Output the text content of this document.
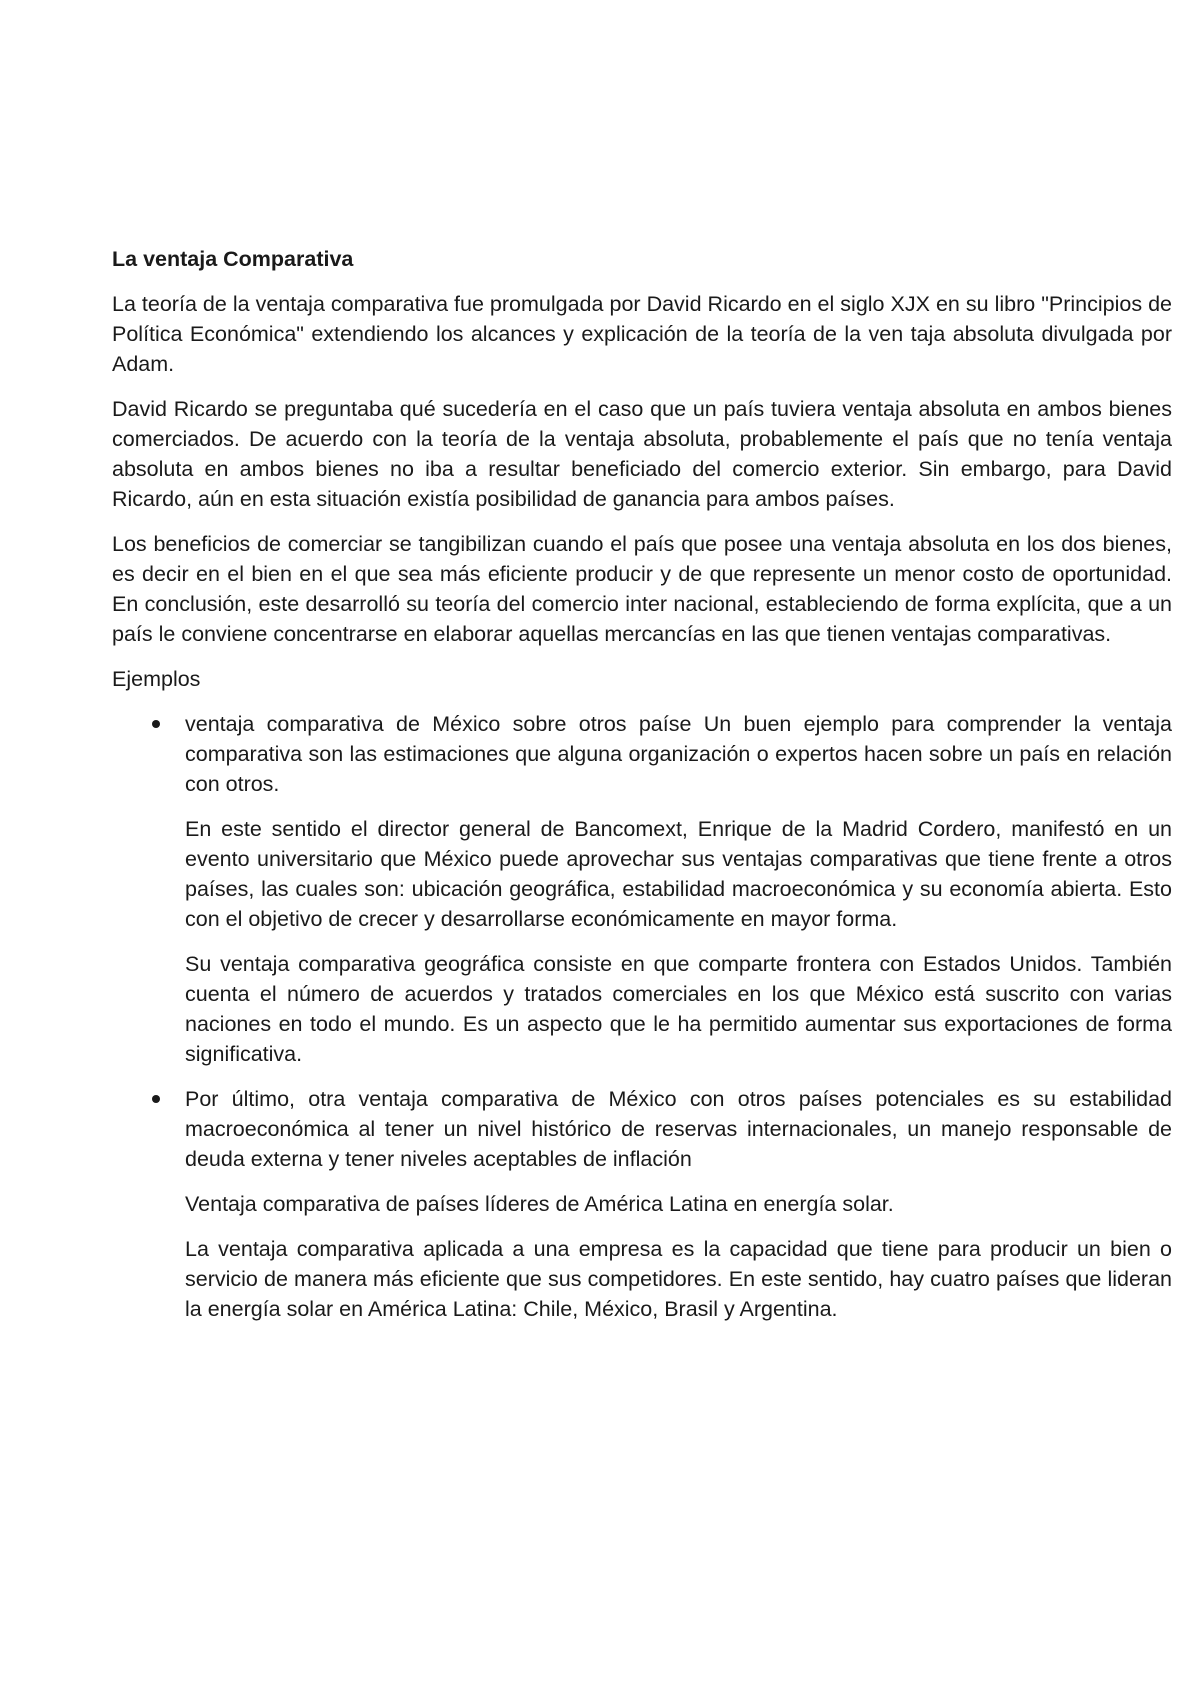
La ventaja Comparativa

La teoría de la ventaja comparativa fue promulgada por David Ricardo en el siglo XJX en su libro "Principios de Política Económica" extendiendo los alcances y explicación de la teoría de la ven taja absoluta divulgada por Adam.

David Ricardo se preguntaba qué sucedería en el caso que un país tuviera ventaja absoluta en ambos bienes comerciados. De acuerdo con la teoría de la ventaja absoluta, probablemente el país que no tenía ventaja absoluta en ambos bienes no iba a resultar beneficiado del comercio exterior. Sin embargo, para David Ricardo, aún en esta situación existía posibilidad de ganancia para ambos países.

Los beneficios de comerciar se tangibilizan cuando el país que posee una ventaja absoluta en los dos bienes, es decir en el bien en el que sea más eficiente producir y de que represente un menor costo de oportunidad. En conclusión, este desarrolló su teoría del comercio inter nacional, estableciendo de forma explícita, que a un país le conviene concentrarse en elaborar aquellas mercancías en las que tienen ventajas comparativas.

Ejemplos

ventaja comparativa de México sobre otros paíse Un buen ejemplo para comprender la ventaja comparativa son las estimaciones que alguna organización o expertos hacen sobre un país en relación con otros.

En este sentido el director general de Bancomext, Enrique de la Madrid Cordero, manifestó en un evento universitario que México puede aprovechar sus ventajas comparativas que tiene frente a otros países, las cuales son: ubicación geográfica, estabilidad macroeconómica y su economía abierta. Esto con el objetivo de crecer y desarrollarse económicamente en mayor forma.

Su ventaja comparativa geográfica consiste en que comparte frontera con Estados Unidos. También cuenta el número de acuerdos y tratados comerciales en los que México está suscrito con varias naciones en todo el mundo. Es un aspecto que le ha permitido aumentar sus exportaciones de forma significativa.

Por último, otra ventaja comparativa de México con otros países potenciales es su estabilidad macroeconómica al tener un nivel histórico de reservas internacionales, un manejo responsable de deuda externa y tener niveles aceptables de inflación

Ventaja comparativa de países líderes de América Latina en energía solar.

La ventaja comparativa aplicada a una empresa es la capacidad que tiene para producir un bien o servicio de manera más eficiente que sus competidores. En este sentido, hay cuatro países que lideran la energía solar en América Latina: Chile, México, Brasil y Argentina.
